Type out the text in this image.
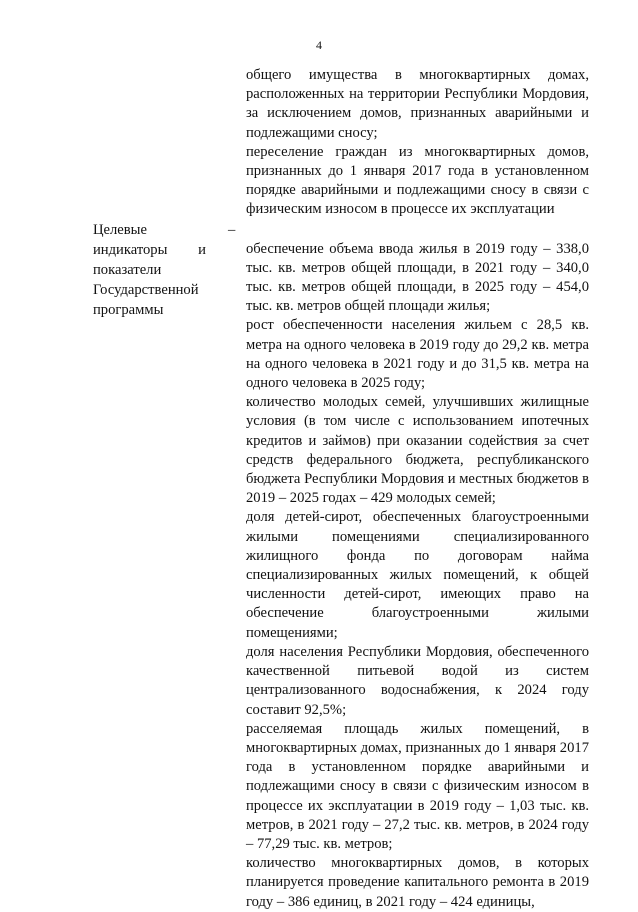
4
Целевые индикаторы и показатели Государственной программы
–

общего имущества в многоквартирных домах, расположенных на территории Республики Мордовия, за исключением домов, признанных аварийными и подлежащими сносу;

переселение граждан из многоквартирных домов, признанных до 1 января 2017 года в установленном порядке аварийными и подлежащими сносу в связи с физическим износом в процессе их эксплуатации

обеспечение объема ввода жилья в 2019 году – 338,0 тыс. кв. метров общей площади, в 2021 году – 340,0 тыс. кв. метров общей площади, в 2025 году – 454,0 тыс. кв. метров общей площади жилья;

рост обеспеченности населения жильем с 28,5 кв. метра на одного человека в 2019 году до 29,2 кв. метра на одного человека в 2021 году и до 31,5 кв. метра на одного человека в 2025 году;

количество молодых семей, улучшивших жилищные условия (в том числе с использованием ипотечных кредитов и займов) при оказании содействия за счет средств федерального бюджета, республиканского бюджета Республики Мордовия и местных бюджетов в 2019 – 2025 годах – 429 молодых семей;

доля детей-сирот, обеспеченных благоустроенными жилыми помещениями специализированного жилищного фонда по договорам найма специализированных жилых помещений, к общей численности детей-сирот, имеющих право на обеспечение благоустроенными жилыми помещениями;

доля населения Республики Мордовия, обеспеченного качественной питьевой водой из систем централизованного водоснабжения, к 2024 году составит 92,5%;

расселяемая площадь жилых помещений, в многоквартирных домах, признанных до 1 января 2017 года в установленном порядке аварийными и подлежащими сносу в связи с физическим износом в процессе их эксплуатации в 2019 году – 1,03 тыс. кв. метров, в 2021 году – 27,2 тыс. кв. метров, в 2024 году – 77,29 тыс. кв. метров;

количество многоквартирных домов, в которых планируется проведение капитального ремонта в 2019 году – 386 единиц, в 2021 году – 424 единицы,
